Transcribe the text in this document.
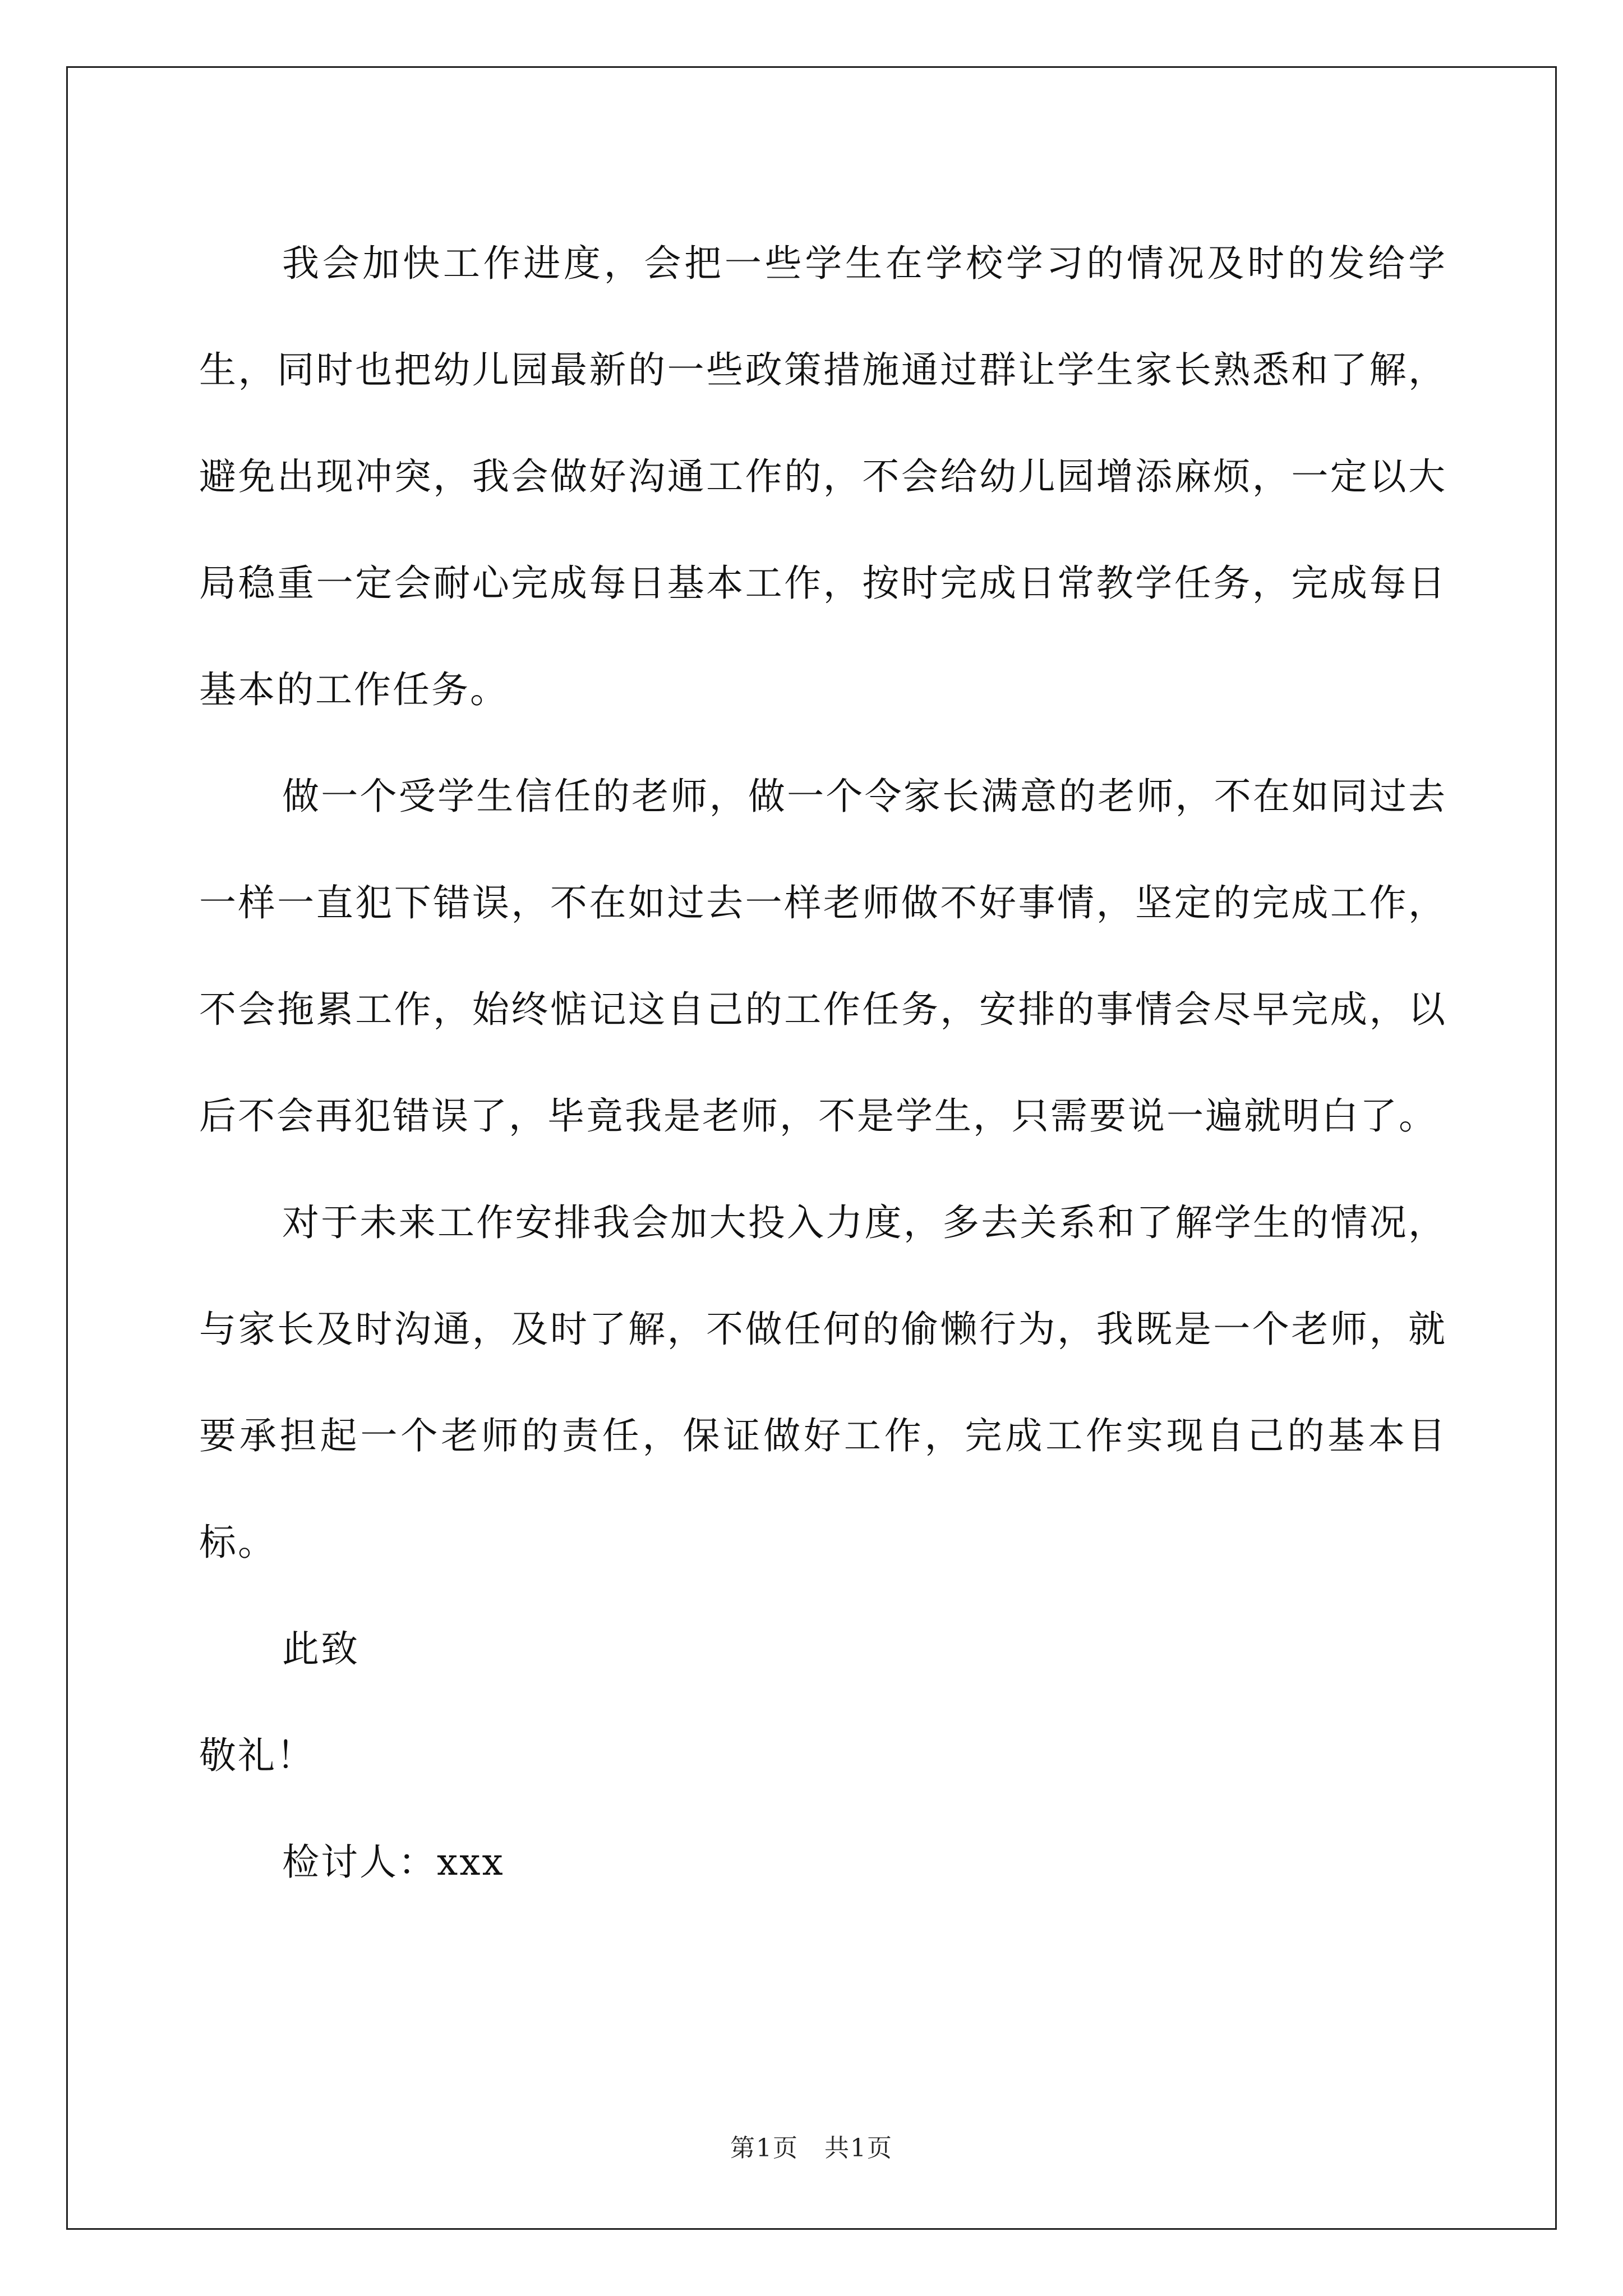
我会加快工作进度，会把一些学生在学校学习的情况及时的发给学生，同时也把幼儿园最新的一些政策措施通过群让学生家长熟悉和了解，避免出现冲突，我会做好沟通工作的，不会给幼儿园增添麻烦，一定以大局稳重一定会耐心完成每日基本工作，按时完成日常教学任务，完成每日基本的工作任务。

做一个受学生信任的老师，做一个令家长满意的老师，不在如同过去一样一直犯下错误，不在如过去一样老师做不好事情，坚定的完成工作，不会拖累工作，始终惦记这自己的工作任务，安排的事情会尽早完成，以后不会再犯错误了，毕竟我是老师，不是学生，只需要说一遍就明白了。

对于未来工作安排我会加大投入力度，多去关系和了解学生的情况，与家长及时沟通，及时了解，不做任何的偷懒行为，我既是一个老师，就要承担起一个老师的责任，保证做好工作，完成工作实现自己的基本目标。

此致

敬礼！

检讨人：xxx

第1页　共1页
